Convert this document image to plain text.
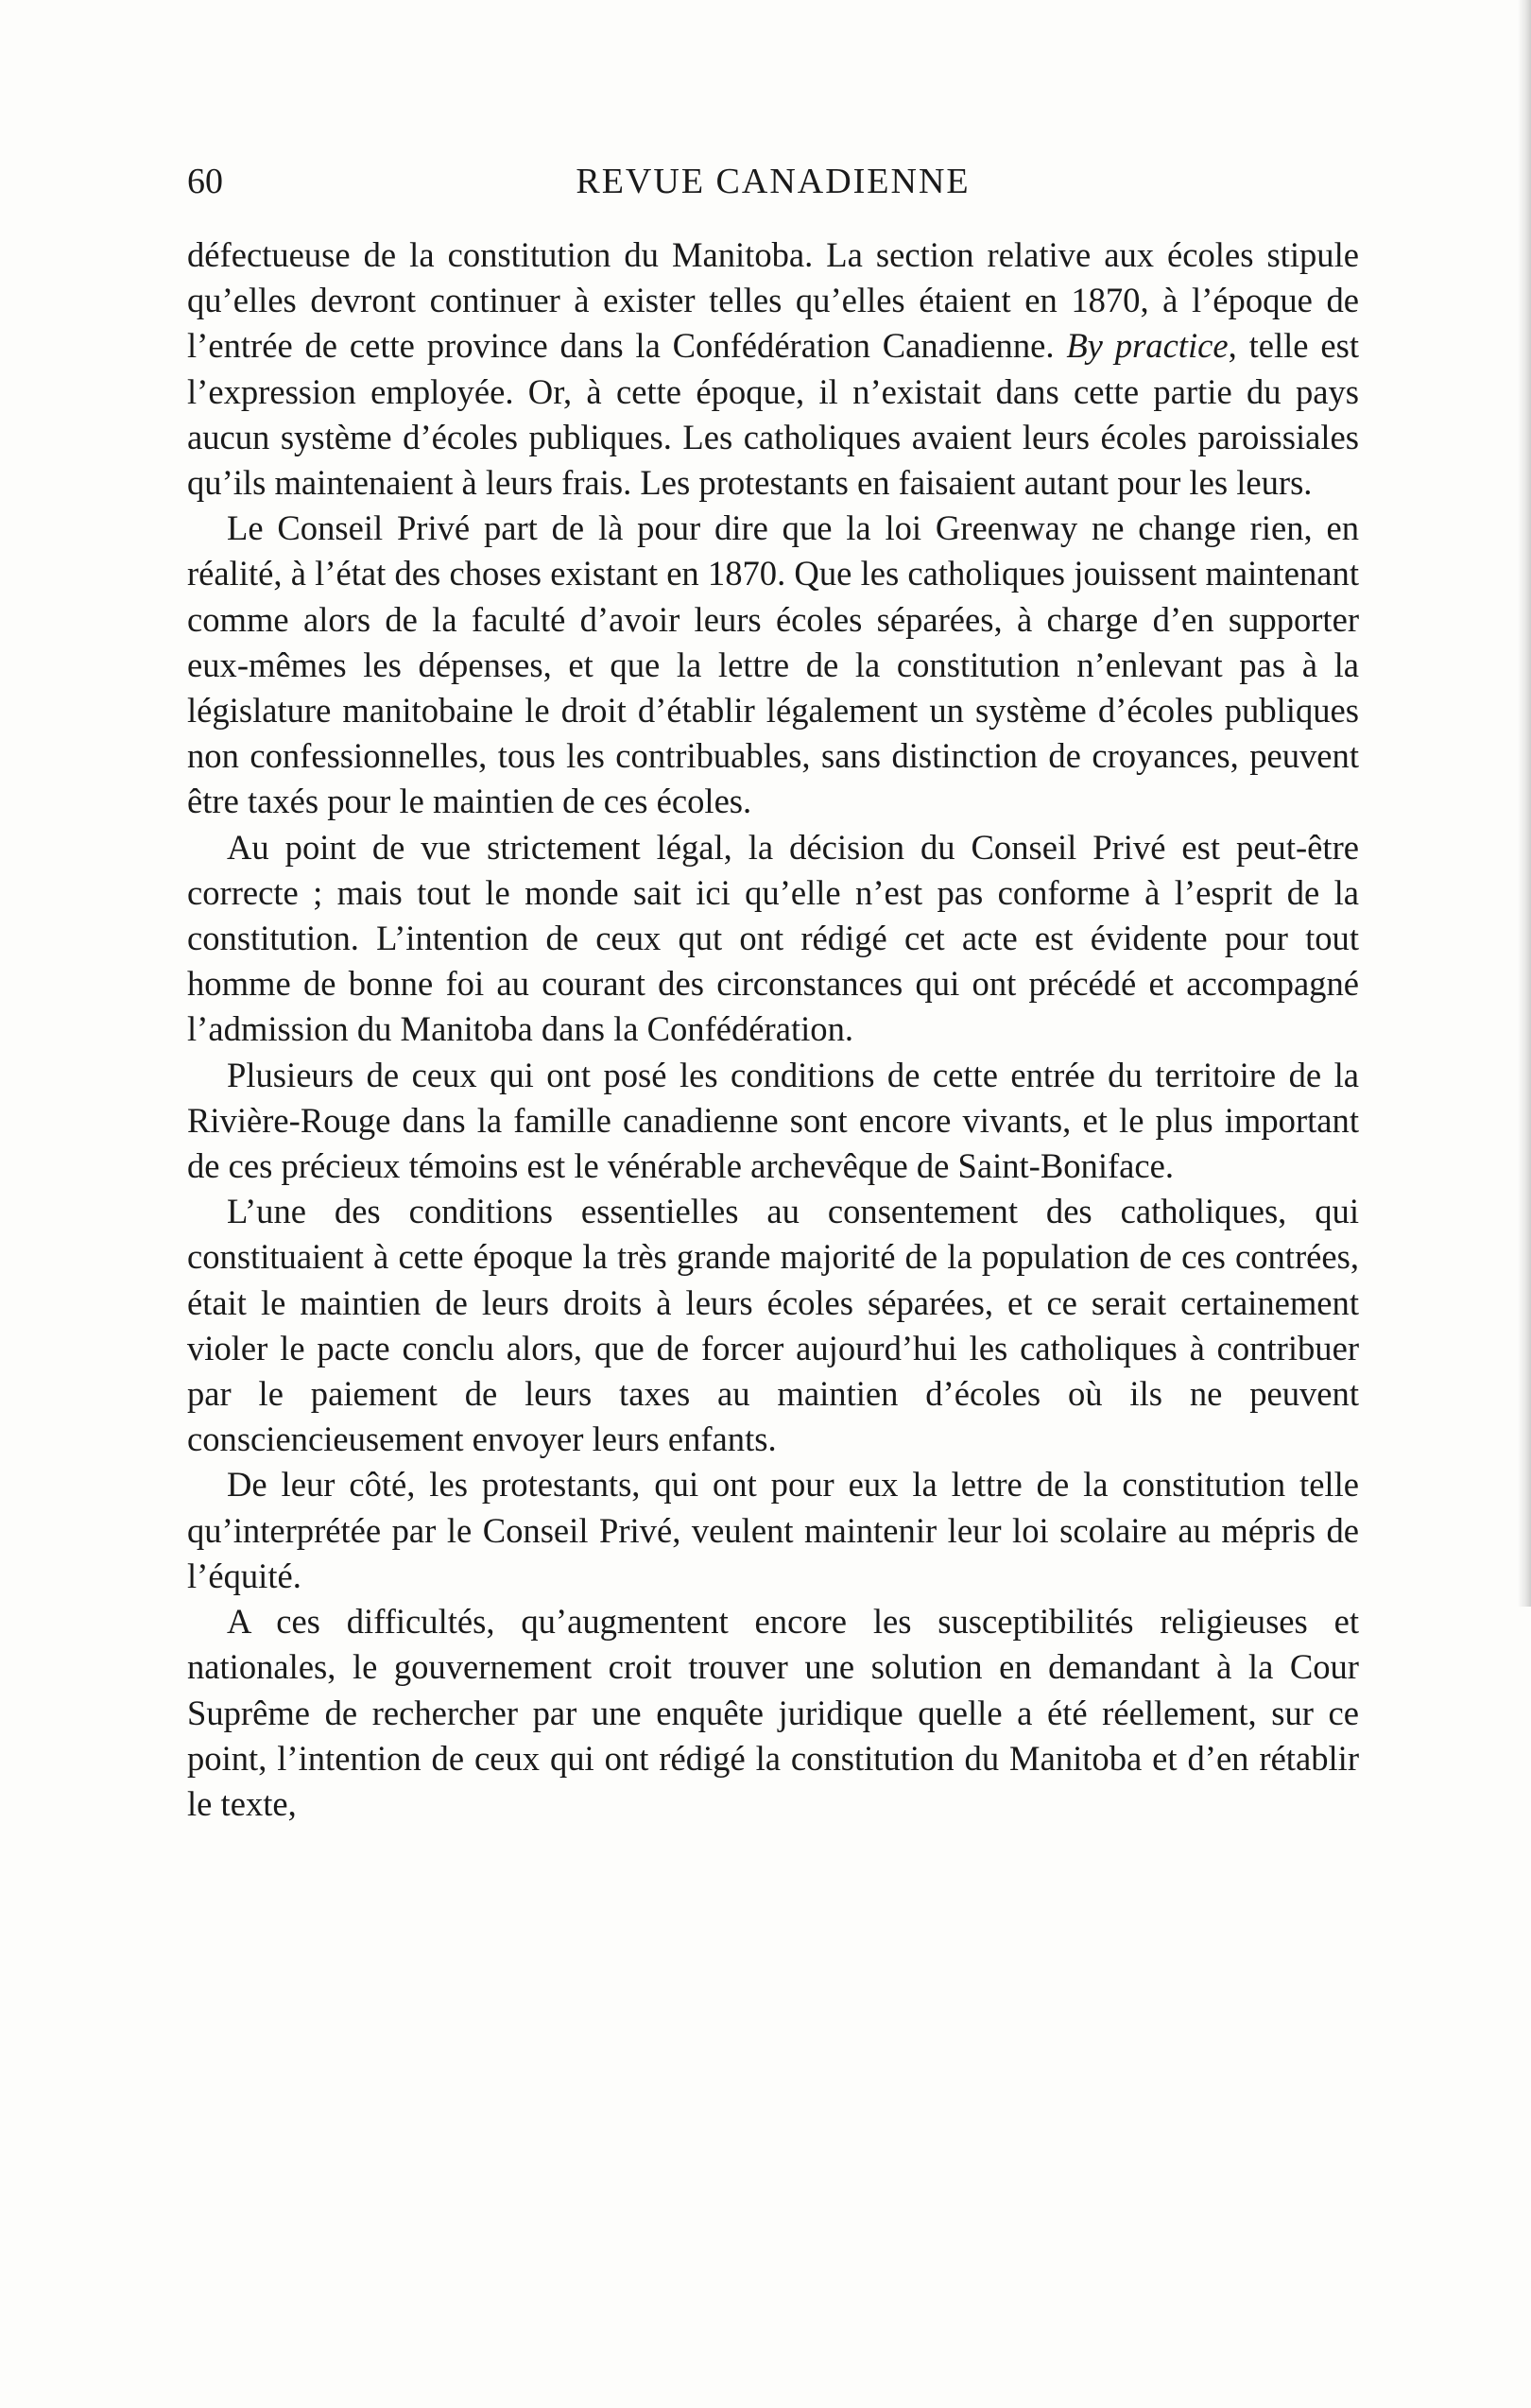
60	REVUE CANADIENNE

défectueuse de la constitution du Manitoba. La section relative aux écoles stipule qu’elles devront continuer à exister telles qu’elles étaient en 1870, à l’époque de l’entrée de cette province dans la Confédération Canadienne. By practice, telle est l’expression employée. Or, à cette époque, il n’existait dans cette partie du pays aucun système d’écoles publiques. Les catholiques avaient leurs écoles paroissiales qu’ils maintenaient à leurs frais. Les protestants en faisaient autant pour les leurs.

Le Conseil Privé part de là pour dire que la loi Greenway ne change rien, en réalité, à l’état des choses existant en 1870. Que les catholiques jouissent maintenant comme alors de la faculté d’avoir leurs écoles séparées, à charge d’en supporter eux-mêmes les dépenses, et que la lettre de la constitution n’enlevant pas à la législature manitobaine le droit d’établir légalement un système d’écoles publiques non confessionnelles, tous les contribuables, sans distinction de croyances, peuvent être taxés pour le maintien de ces écoles.

Au point de vue strictement légal, la décision du Conseil Privé est peut-être correcte ; mais tout le monde sait ici qu’elle n’est pas conforme à l’esprit de la constitution. L’intention de ceux qut ont rédigé cet acte est évidente pour tout homme de bonne foi au courant des circonstances qui ont précédé et accompagné l’admission du Manitoba dans la Confédération.

Plusieurs de ceux qui ont posé les conditions de cette entrée du territoire de la Rivière-Rouge dans la famille canadienne sont encore vivants, et le plus important de ces précieux témoins est le vénérable archevêque de Saint-Boniface.

L’une des conditions essentielles au consentement des catholiques, qui constituaient à cette époque la très grande majorité de la population de ces contrées, était le maintien de leurs droits à leurs écoles séparées, et ce serait certainement violer le pacte conclu alors, que de forcer aujourd’hui les catholiques à contribuer par le paiement de leurs taxes au maintien d’écoles où ils ne peuvent consciencieusement envoyer leurs enfants.

De leur côté, les protestants, qui ont pour eux la lettre de la constitution telle qu’interprétée par le Conseil Privé, veulent maintenir leur loi scolaire au mépris de l’équité.

A ces difficultés, qu’augmentent encore les susceptibilités religieuses et nationales, le gouvernement croit trouver une solution en demandant à la Cour Suprême de rechercher par une enquête juridique quelle a été réellement, sur ce point, l’intention de ceux qui ont rédigé la constitution du Manitoba et d’en rétablir le texte,
